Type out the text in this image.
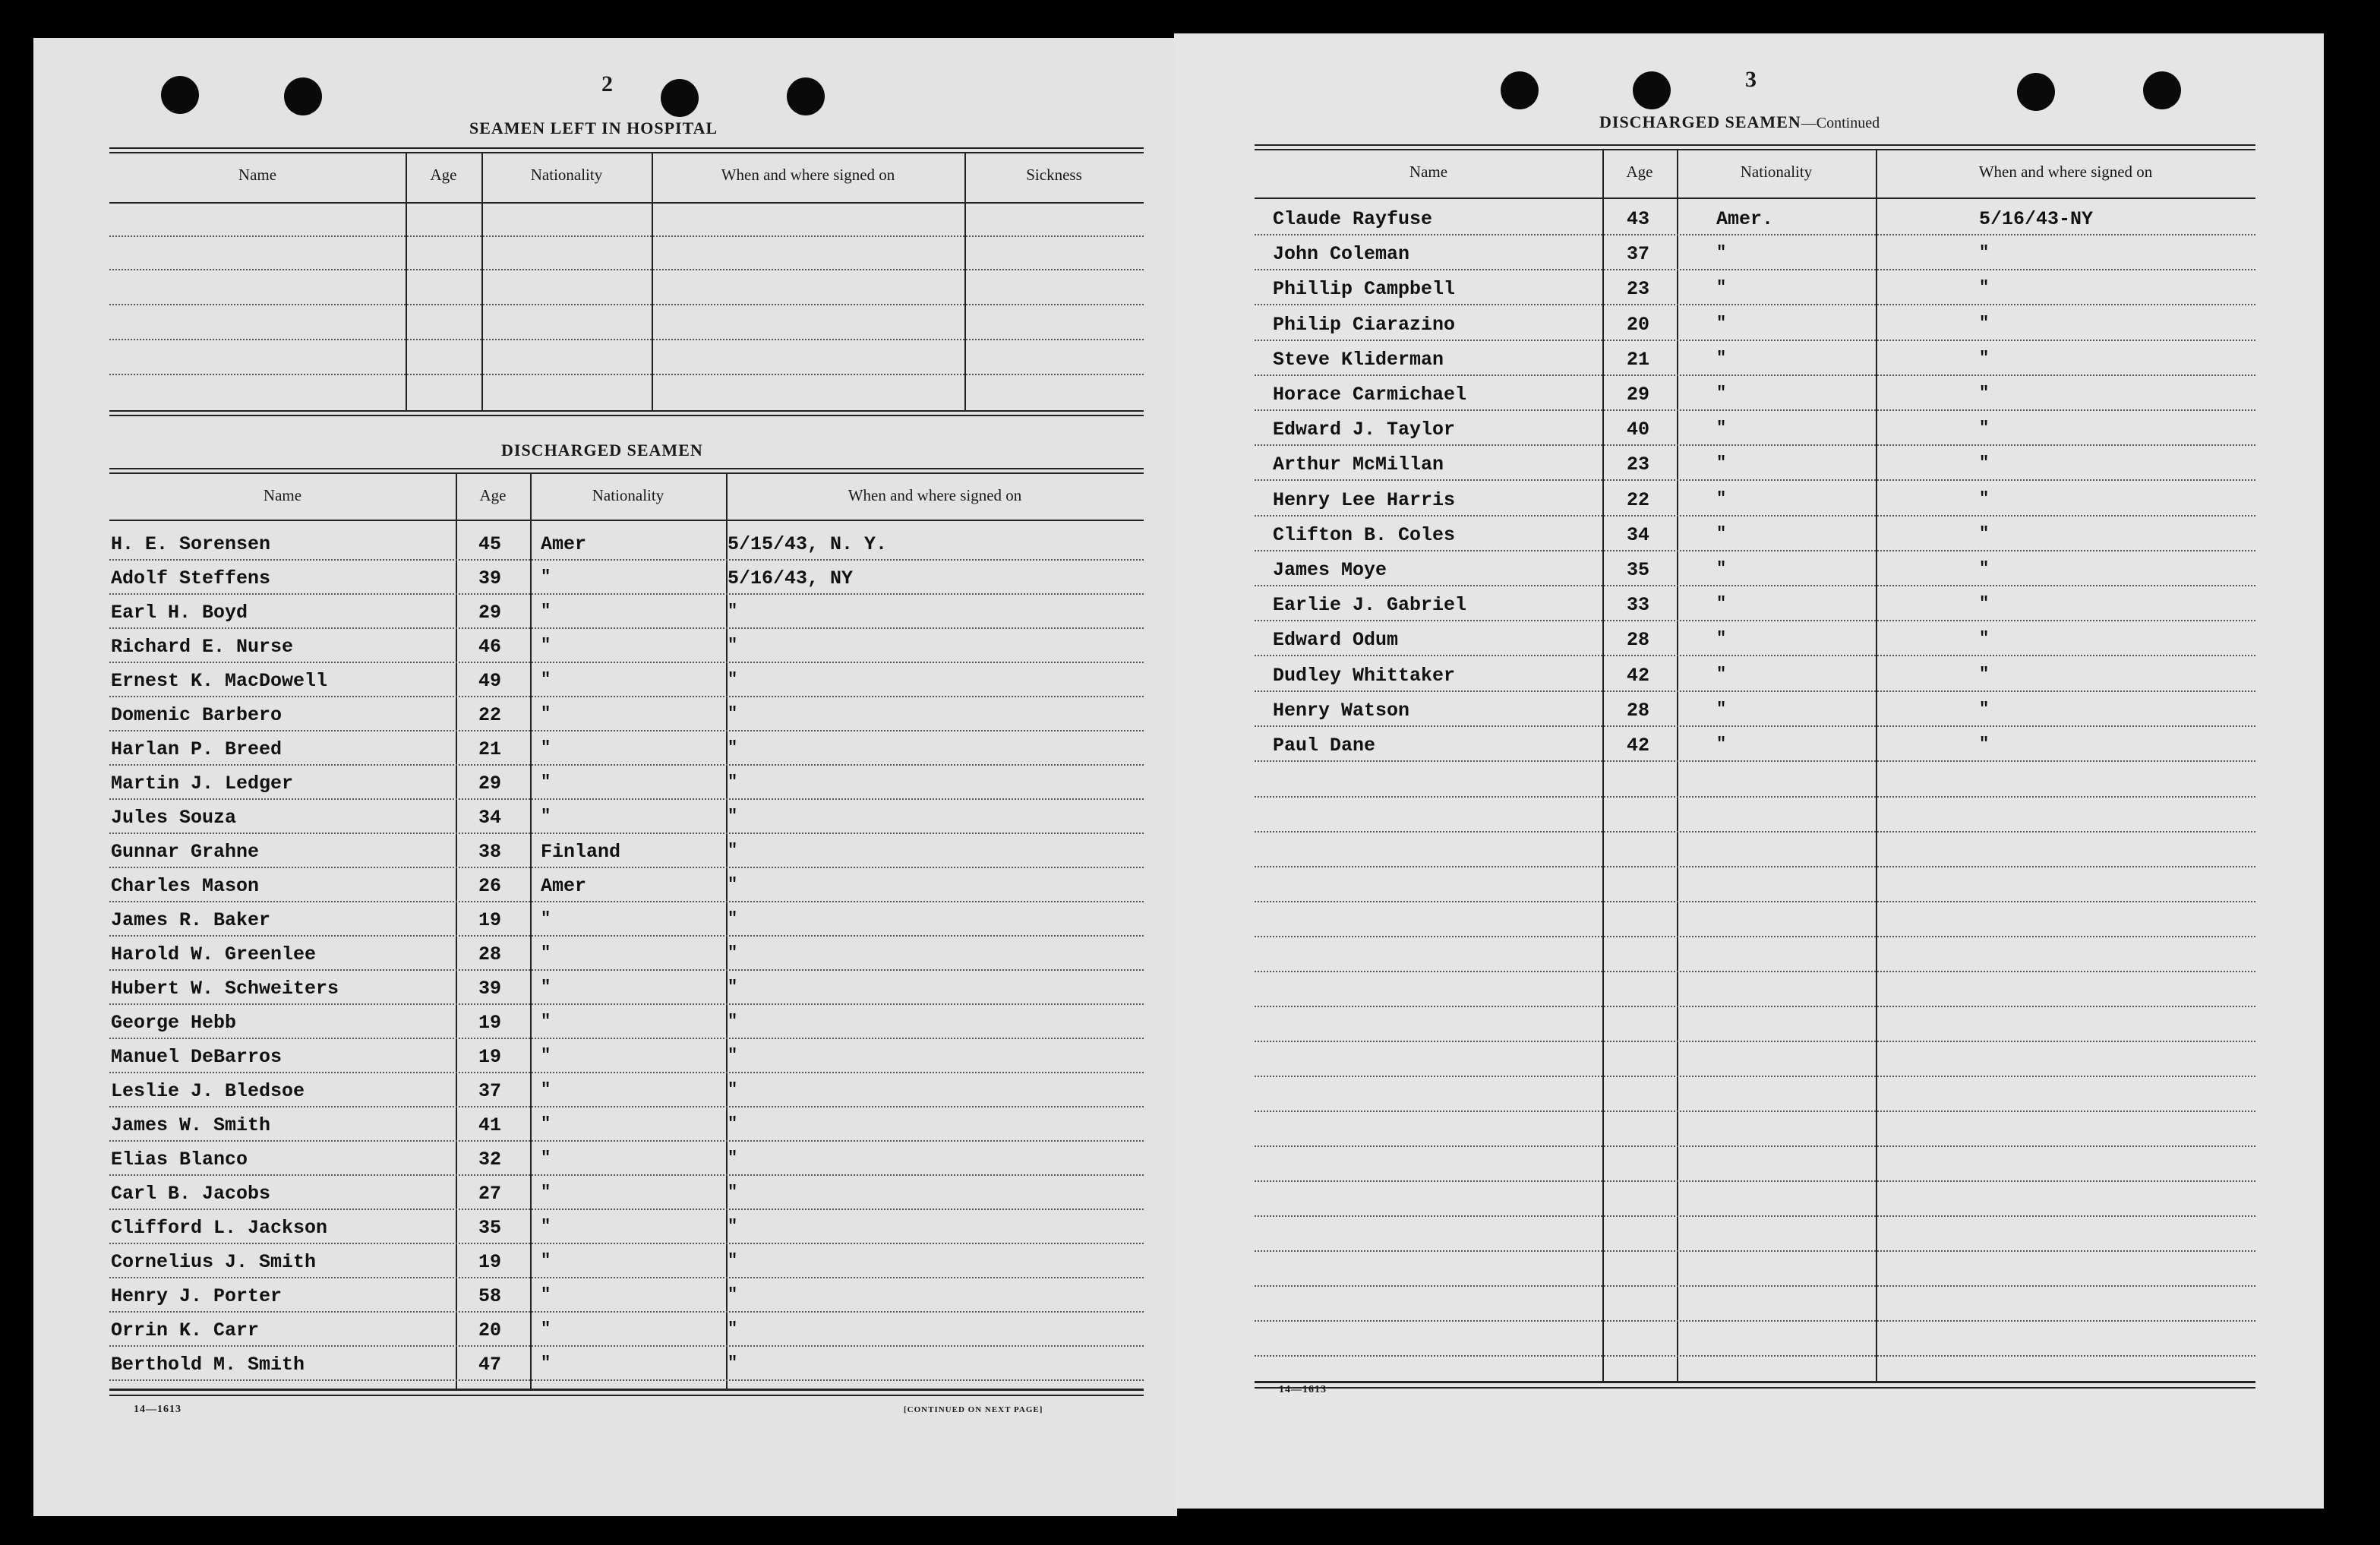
2
SEAMEN LEFT IN HOSPITAL
Name	Age	Nationality	When and where signed on	Sickness
DISCHARGED SEAMEN
Name	Age	Nationality	When and where signed on
H. E. Sorensen	45 Amer	5/15/43, N. Y.
Adolf Steffens	39 "	5/16/43, NY
Earl H. Boyd	29 "	"
Richard E. Nurse	46 "	"
Ernest K. MacDowell	49 "	"
Domenic Barbero	22 "	"
Harlan P. Breed	21 "	"
Martin J. Ledger	29 "	"
Jules Souza	34 "	"
Gunnar Grahne	38 Finland	"
Charles Mason	26 Amer	"
James R. Baker	19 "	"
Harold W. Greenlee	28 "	"
Hubert W. Schweiters	39 "	"
George Hebb	19 "	"
Manuel DeBarros	19 "	"
Leslie J. Bledsoe	37 "	"
James W. Smith	41 "	"
Elias Blanco	32 "	"
Carl B. Jacobs	27 "	"
Clifford L. Jackson	35 "	"
Cornelius J. Smith	19 "	"
Henry J. Porter	58 "	"
Orrin K. Carr	20 "	"
Berthold M. Smith	47 "	"
14—1613	[CONTINUED ON NEXT PAGE]
3
DISCHARGED SEAMEN—Continued
Name	Age	Nationality	When and where signed on
Claude Rayfuse	43	Amer.	5/16/43-NY
John Coleman	37	"	"
Phillip Campbell	23	"	"
Philip Ciarazino	20	"	"
Steve Kliderman	21	"	"
Horace Carmichael	29	"	"
Edward J. Taylor	40	"	"
Arthur McMillan	23	"	"
Henry Lee Harris	22	"	"
Clifton B. Coles	34	"	"
James Moye	35	"	"
Earlie J. Gabriel	33	"	"
Edward Odum	28	"	"
Dudley Whittaker	42	"	"
Henry Watson	28	"	"
Paul Dane	42	"	"
14—1613
